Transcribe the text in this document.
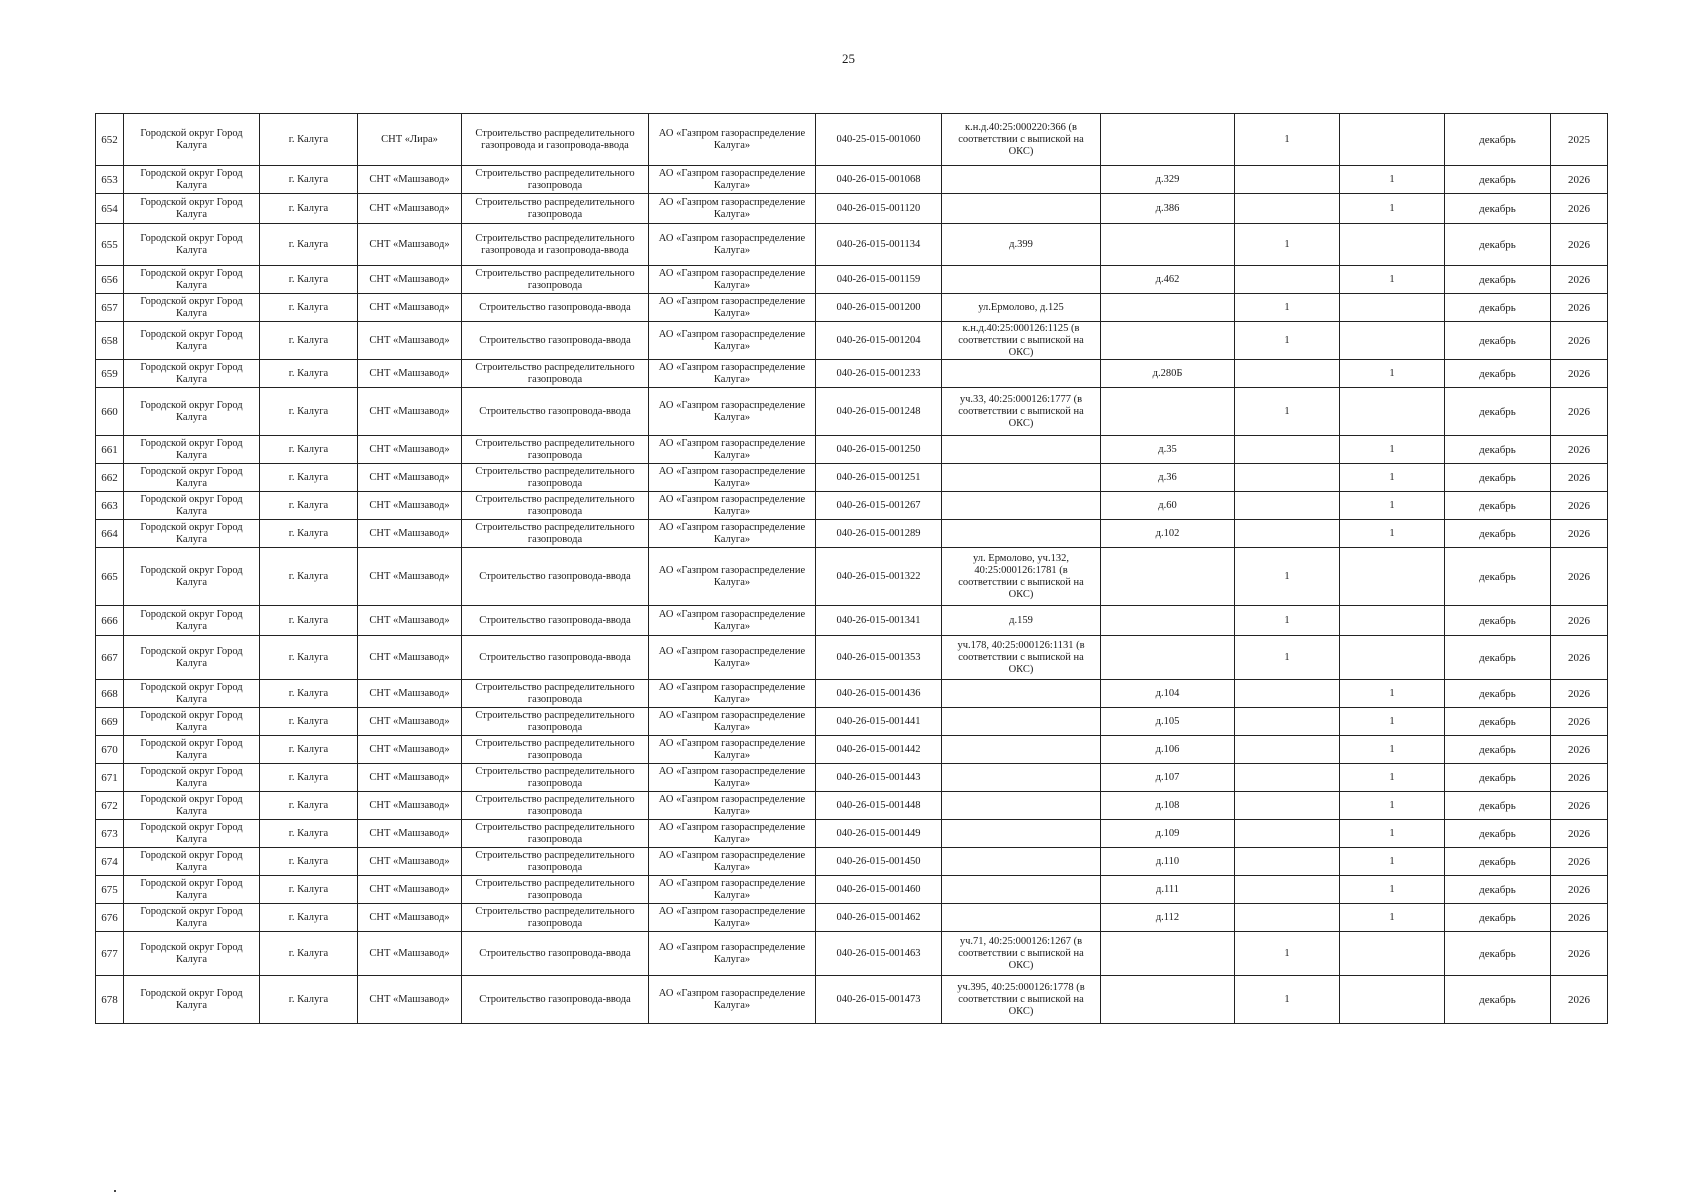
25
652	Городской округ Город Калуга	г. Калуга	СНТ «Лира»	Строительство распределительного газопровода и газопровода-ввода	АО «Газпром газораспределение Калуга»	040-25-015-001060	к.н.д.40:25:000220:366 (в соответствии с выпиской на ОКС)		1		декабрь	2025
653	Городской округ Город Калуга	г. Калуга	СНТ «Машзавод»	Строительство распределительного газопровода	АО «Газпром газораспределение Калуга»	040-26-015-001068		д.329		1	декабрь	2026
654	Городской округ Город Калуга	г. Калуга	СНТ «Машзавод»	Строительство распределительного газопровода	АО «Газпром газораспределение Калуга»	040-26-015-001120		д.386		1	декабрь	2026
655	Городской округ Город Калуга	г. Калуга	СНТ «Машзавод»	Строительство распределительного газопровода и газопровода-ввода	АО «Газпром газораспределение Калуга»	040-26-015-001134	д.399		1		декабрь	2026
656	Городской округ Город Калуга	г. Калуга	СНТ «Машзавод»	Строительство распределительного газопровода	АО «Газпром газораспределение Калуга»	040-26-015-001159		д.462		1	декабрь	2026
657	Городской округ Город Калуга	г. Калуга	СНТ «Машзавод»	Строительство газопровода-ввода	АО «Газпром газораспределение Калуга»	040-26-015-001200	ул.Ермолово, д.125		1		декабрь	2026
658	Городской округ Город Калуга	г. Калуга	СНТ «Машзавод»	Строительство газопровода-ввода	АО «Газпром газораспределение Калуга»	040-26-015-001204	к.н.д.40:25:000126:1125 (в соответствии с выпиской на ОКС)		1		декабрь	2026
659	Городской округ Город Калуга	г. Калуга	СНТ «Машзавод»	Строительство распределительного газопровода	АО «Газпром газораспределение Калуга»	040-26-015-001233		д.280Б		1	декабрь	2026
660	Городской округ Город Калуга	г. Калуга	СНТ «Машзавод»	Строительство газопровода-ввода	АО «Газпром газораспределение Калуга»	040-26-015-001248	уч.33, 40:25:000126:1777 (в соответствии с выпиской на ОКС)		1		декабрь	2026
661	Городской округ Город Калуга	г. Калуга	СНТ «Машзавод»	Строительство распределительного газопровода	АО «Газпром газораспределение Калуга»	040-26-015-001250		д.35		1	декабрь	2026
662	Городской округ Город Калуга	г. Калуга	СНТ «Машзавод»	Строительство распределительного газопровода	АО «Газпром газораспределение Калуга»	040-26-015-001251		д.36		1	декабрь	2026
663	Городской округ Город Калуга	г. Калуга	СНТ «Машзавод»	Строительство распределительного газопровода	АО «Газпром газораспределение Калуга»	040-26-015-001267		д.60		1	декабрь	2026
664	Городской округ Город Калуга	г. Калуга	СНТ «Машзавод»	Строительство распределительного газопровода	АО «Газпром газораспределение Калуга»	040-26-015-001289		д.102		1	декабрь	2026
665	Городской округ Город Калуга	г. Калуга	СНТ «Машзавод»	Строительство газопровода-ввода	АО «Газпром газораспределение Калуга»	040-26-015-001322	ул. Ермолово, уч.132, 40:25:000126:1781 (в соответствии с выпиской на ОКС)		1		декабрь	2026
666	Городской округ Город Калуга	г. Калуга	СНТ «Машзавод»	Строительство газопровода-ввода	АО «Газпром газораспределение Калуга»	040-26-015-001341	д.159		1		декабрь	2026
667	Городской округ Город Калуга	г. Калуга	СНТ «Машзавод»	Строительство газопровода-ввода	АО «Газпром газораспределение Калуга»	040-26-015-001353	уч.178, 40:25:000126:1131 (в соответствии с выпиской на ОКС)		1		декабрь	2026
668	Городской округ Город Калуга	г. Калуга	СНТ «Машзавод»	Строительство распределительного газопровода	АО «Газпром газораспределение Калуга»	040-26-015-001436		д.104		1	декабрь	2026
669	Городской округ Город Калуга	г. Калуга	СНТ «Машзавод»	Строительство распределительного газопровода	АО «Газпром газораспределение Калуга»	040-26-015-001441		д.105		1	декабрь	2026
670	Городской округ Город Калуга	г. Калуга	СНТ «Машзавод»	Строительство распределительного газопровода	АО «Газпром газораспределение Калуга»	040-26-015-001442		д.106		1	декабрь	2026
671	Городской округ Город Калуга	г. Калуга	СНТ «Машзавод»	Строительство распределительного газопровода	АО «Газпром газораспределение Калуга»	040-26-015-001443		д.107		1	декабрь	2026
672	Городской округ Город Калуга	г. Калуга	СНТ «Машзавод»	Строительство распределительного газопровода	АО «Газпром газораспределение Калуга»	040-26-015-001448		д.108		1	декабрь	2026
673	Городской округ Город Калуга	г. Калуга	СНТ «Машзавод»	Строительство распределительного газопровода	АО «Газпром газораспределение Калуга»	040-26-015-001449		д.109		1	декабрь	2026
674	Городской округ Город Калуга	г. Калуга	СНТ «Машзавод»	Строительство распределительного газопровода	АО «Газпром газораспределение Калуга»	040-26-015-001450		д.110		1	декабрь	2026
675	Городской округ Город Калуга	г. Калуга	СНТ «Машзавод»	Строительство распределительного газопровода	АО «Газпром газораспределение Калуга»	040-26-015-001460		д.111		1	декабрь	2026
676	Городской округ Город Калуга	г. Калуга	СНТ «Машзавод»	Строительство распределительного газопровода	АО «Газпром газораспределение Калуга»	040-26-015-001462		д.112		1	декабрь	2026
677	Городской округ Город Калуга	г. Калуга	СНТ «Машзавод»	Строительство газопровода-ввода	АО «Газпром газораспределение Калуга»	040-26-015-001463	уч.71, 40:25:000126:1267 (в соответствии с выпиской на ОКС)		1		декабрь	2026
678	Городской округ Город Калуга	г. Калуга	СНТ «Машзавод»	Строительство газопровода-ввода	АО «Газпром газораспределение Калуга»	040-26-015-001473	уч.395, 40:25:000126:1778 (в соответствии с выпиской на ОКС)		1		декабрь	2026
